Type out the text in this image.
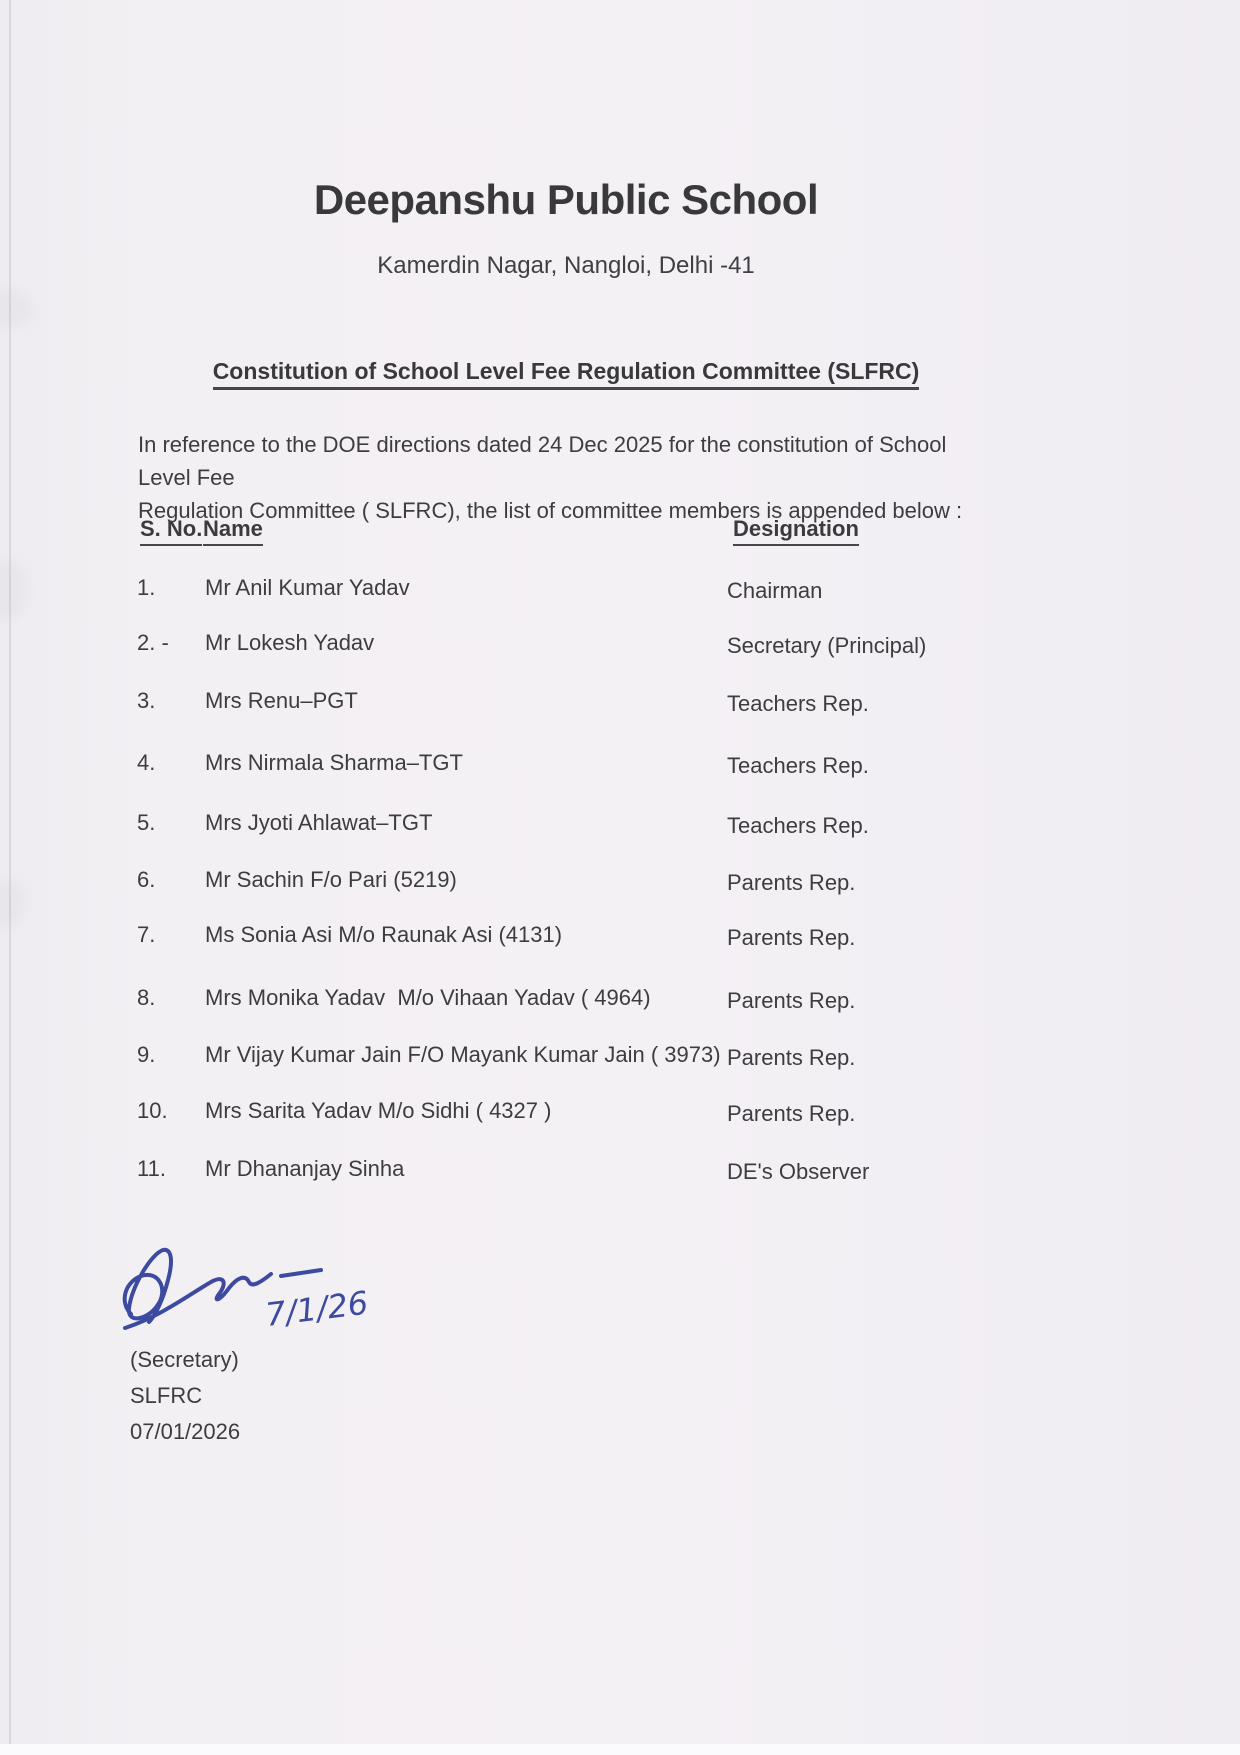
Deepanshu Public School
Kamerdin Nagar, Nangloi, Delhi -41
Constitution of School Level Fee Regulation Committee (SLFRC)
In reference to the DOE directions dated 24 Dec 2025 for the constitution of School Level Fee
Regulation Committee ( SLFRC), the list of committee members is appended below :
S. No. Name	Designation
1. Mr Anil Kumar Yadav	Chairman
2. - Mr Lokesh Yadav	Secretary (Principal)
3. Mrs Renu–PGT	Teachers Rep.
4. Mrs Nirmala Sharma–TGT	Teachers Rep.
5. Mrs Jyoti Ahlawat–TGT	Teachers Rep.
6. Mr Sachin F/o Pari (5219)	Parents Rep.
7. Ms Sonia Asi M/o Raunak Asi (4131)	Parents Rep.
8. Mrs Monika Yadav  M/o Vihaan Yadav ( 4964)	Parents Rep.
9. Mr Vijay Kumar Jain F/O Mayank Kumar Jain ( 3973) Parents Rep.
10. Mrs Sarita Yadav M/o Sidhi ( 4327 )	Parents Rep.
11. Mr Dhananjay Sinha	DE's Observer
7/1/26
(Secretary)
SLFRC
07/01/2026
